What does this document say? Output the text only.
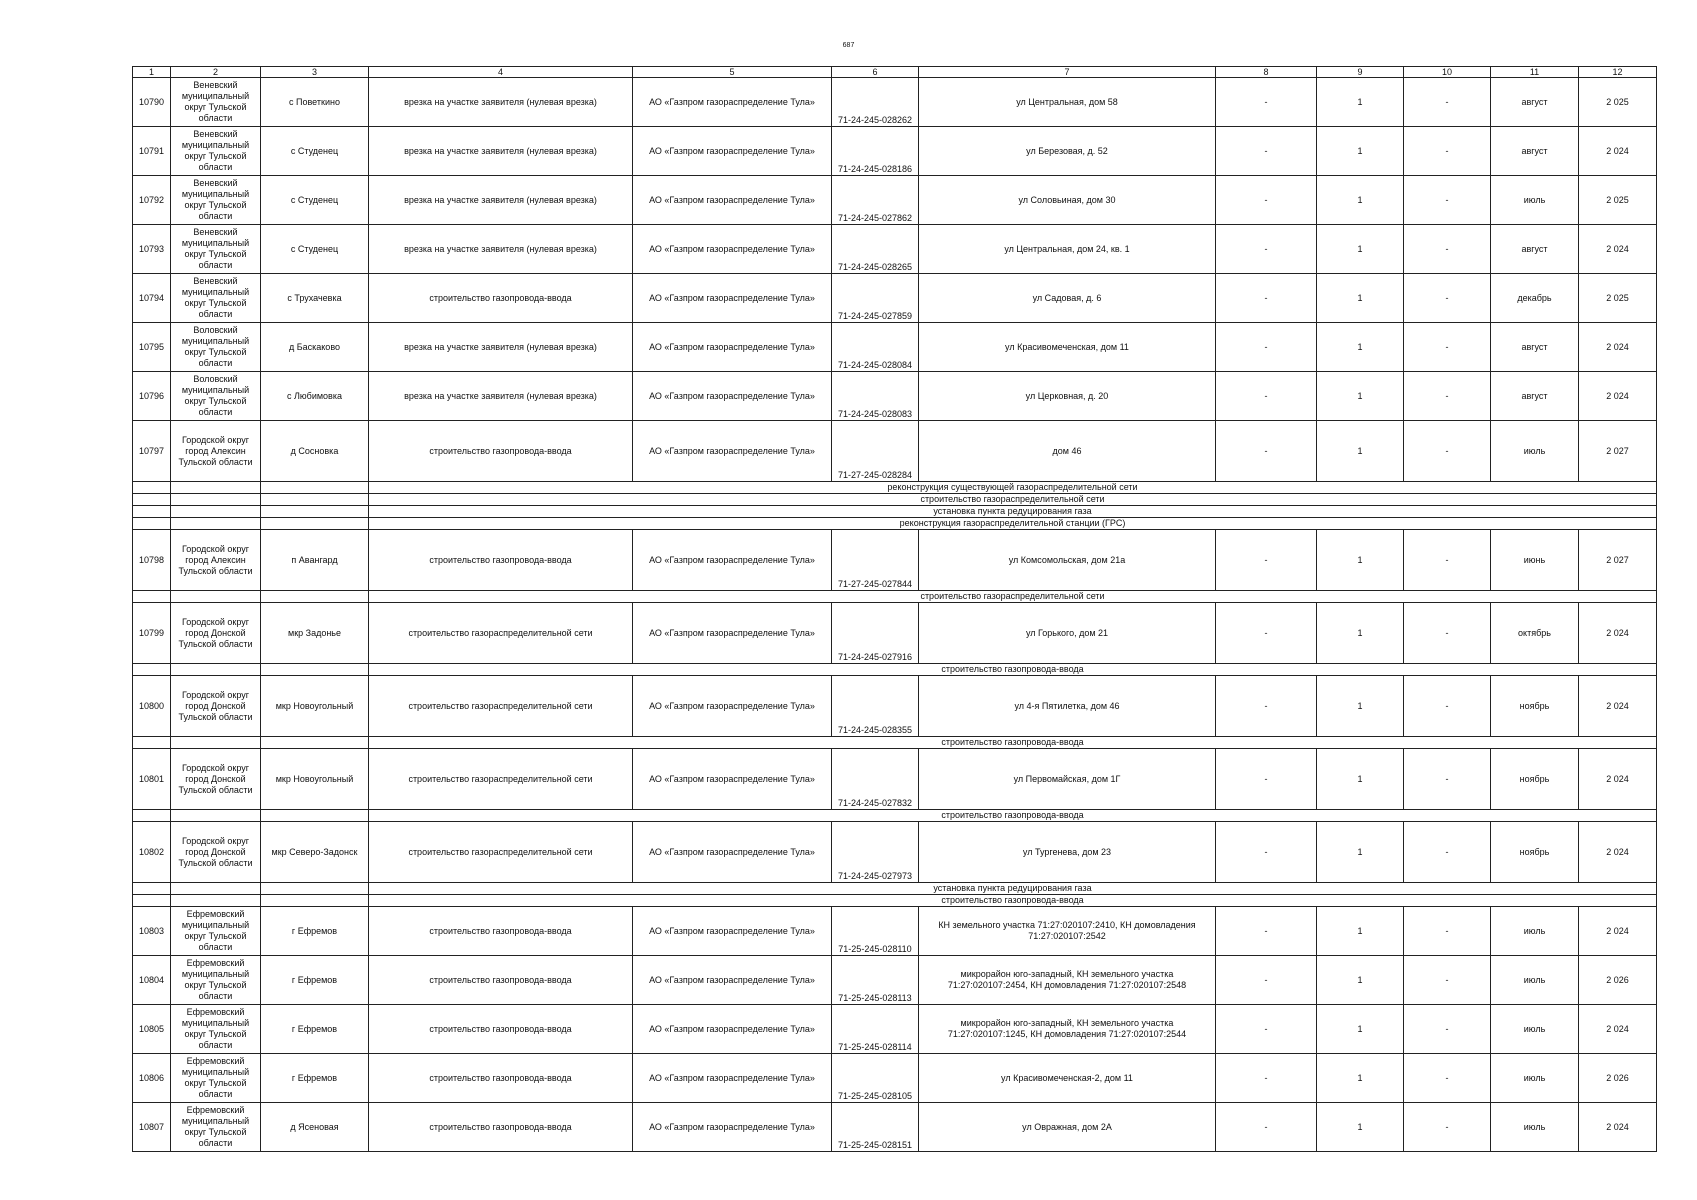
687
1	2	3	4	5	6	7	8	9	10	11	12
10790	Веневский муниципальный округ Тульской области	с Поветкино	врезка на участке заявителя (нулевая врезка)	АО «Газпром газораспределение Тула»	71-24-245-028262	ул Центральная, дом 58	-	1	-	август	2 025
10791	Веневский муниципальный округ Тульской области	с Студенец	врезка на участке заявителя (нулевая врезка)	АО «Газпром газораспределение Тула»	71-24-245-028186	ул Березовая, д. 52	-	1	-	август	2 024
10792	Веневский муниципальный округ Тульской области	с Студенец	врезка на участке заявителя (нулевая врезка)	АО «Газпром газораспределение Тула»	71-24-245-027862	ул Соловьиная, дом 30	-	1	-	июль	2 025
10793	Веневский муниципальный округ Тульской области	с Студенец	врезка на участке заявителя (нулевая врезка)	АО «Газпром газораспределение Тула»	71-24-245-028265	ул Центральная, дом 24, кв. 1	-	1	-	август	2 024
10794	Веневский муниципальный округ Тульской области	с Трухачевка	строительство газопровода-ввода	АО «Газпром газораспределение Тула»	71-24-245-027859	ул Садовая, д. 6	-	1	-	декабрь	2 025
10795	Воловский муниципальный округ Тульской области	д Баскаково	врезка на участке заявителя (нулевая врезка)	АО «Газпром газораспределение Тула»	71-24-245-028084	ул Красивомеченская, дом 11	-	1	-	август	2 024
10796	Воловский муниципальный округ Тульской области	с Любимовка	врезка на участке заявителя (нулевая врезка)	АО «Газпром газораспределение Тула»	71-24-245-028083	ул Церковная, д. 20	-	1	-	август	2 024
10797	Городской округ город Алексин Тульской области	д Сосновка	строительство газопровода-ввода	АО «Газпром газораспределение Тула»	71-27-245-028284	дом 46	-	1	-	июль	2 027
			реконструкция существующей газораспределительной сети								
			строительство газораспределительной сети								
			установка пункта редуцирования газа								
			реконструкция газораспределительной станции (ГРС)								
10798	Городской округ город Алексин Тульской области	п Авангард	строительство газопровода-ввода	АО «Газпром газораспределение Тула»	71-27-245-027844	ул Комсомольская, дом 21а	-	1	-	июнь	2 027
			строительство газораспределительной сети								
10799	Городской округ город Донской Тульской области	мкр Задонье	строительство газораспределительной сети	АО «Газпром газораспределение Тула»	71-24-245-027916	ул Горького, дом 21	-	1	-	октябрь	2 024
			строительство газопровода-ввода								
10800	Городской округ город Донской Тульской области	мкр Новоугольный	строительство газораспределительной сети	АО «Газпром газораспределение Тула»	71-24-245-028355	ул 4-я Пятилетка, дом 46	-	1	-	ноябрь	2 024
			строительство газопровода-ввода								
10801	Городской округ город Донской Тульской области	мкр Новоугольный	строительство газораспределительной сети	АО «Газпром газораспределение Тула»	71-24-245-027832	ул Первомайская, дом 1Г	-	1	-	ноябрь	2 024
			строительство газопровода-ввода								
10802	Городской округ город Донской Тульской области	мкр Северо-Задонск	строительство газораспределительной сети	АО «Газпром газораспределение Тула»	71-24-245-027973	ул Тургенева, дом 23	-	1	-	ноябрь	2 024
			установка пункта редуцирования газа								
			строительство газопровода-ввода								
10803	Ефремовский муниципальный округ Тульской области	г Ефремов	строительство газопровода-ввода	АО «Газпром газораспределение Тула»	71-25-245-028110	КН земельного участка 71:27:020107:2410, КН домовладения 71:27:020107:2542	-	1	-	июль	2 024
10804	Ефремовский муниципальный округ Тульской области	г Ефремов	строительство газопровода-ввода	АО «Газпром газораспределение Тула»	71-25-245-028113	микрорайон юго-западный, КН земельного участка 71:27:020107:2454, КН домовладения 71:27:020107:2548	-	1	-	июль	2 026
10805	Ефремовский муниципальный округ Тульской области	г Ефремов	строительство газопровода-ввода	АО «Газпром газораспределение Тула»	71-25-245-028114	микрорайон юго-западный, КН земельного участка 71:27:020107:1245, КН домовладения 71:27:020107:2544	-	1	-	июль	2 024
10806	Ефремовский муниципальный округ Тульской области	г Ефремов	строительство газопровода-ввода	АО «Газпром газораспределение Тула»	71-25-245-028105	ул Красивомеченская-2, дом 11	-	1	-	июль	2 026
10807	Ефремовский муниципальный округ Тульской области	д Ясеновая	строительство газопровода-ввода	АО «Газпром газораспределение Тула»	71-25-245-028151	ул Овражная, дом 2А	-	1	-	июль	2 024
